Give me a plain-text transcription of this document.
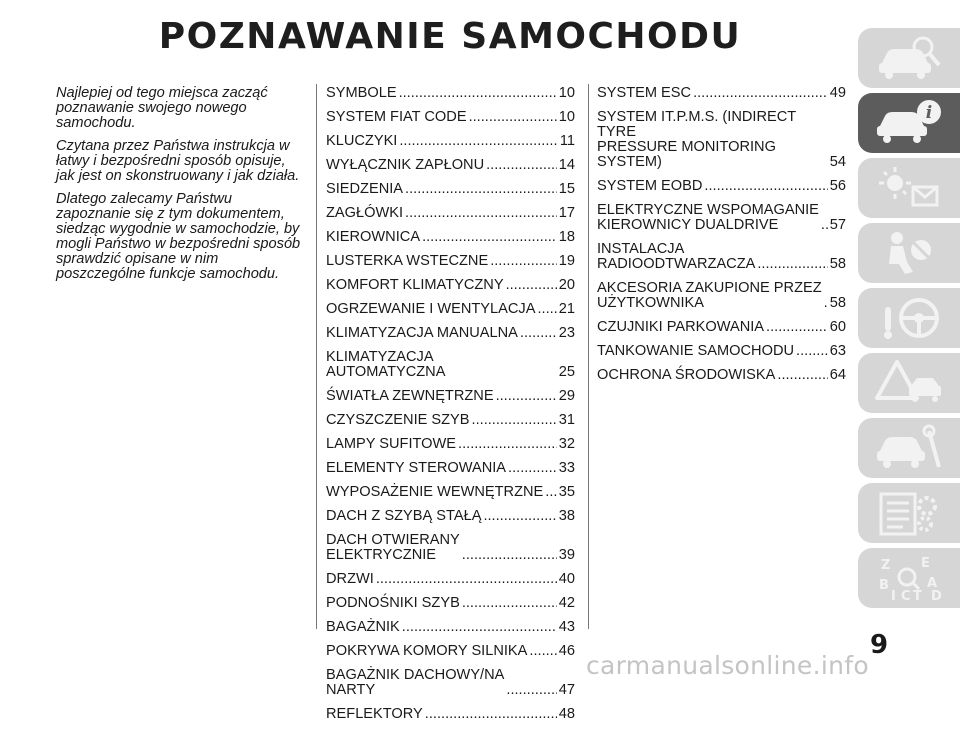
POZNAWANIE SAMOCHODU

Najlepiej od tego miejsca zacząć poznawanie swojego nowego samochodu.

Czytana przez Państwa instrukcja w łatwy i bezpośredni sposób opisuje, jak jest on skonstruowany i jak działa.

Dlatego zalecamy Państwu zapoznanie się z tym dokumentem, siedząc wygodnie w samochodzie, by mogli Państwo w bezpośredni sposób sprawdzić opisane w nim poszczególne funkcje samochodu.

SYMBOLE .....	10
SYSTEM FIAT CODE .....	10
KLUCZYKI .....	11
WYŁĄCZNIK ZAPŁONU .....	14
SIEDZENIA .....	15
ZAGŁÓWKI .....	17
KIEROWNICA .....	18
LUSTERKA WSTECZNE .....	19
KOMFORT KLIMATYCZNY .....	20
OGRZEWANIE I WENTYLACJA ..... 21
KLIMATYZACJA MANUALNA .....	23
KLIMATYZACJA AUTOMATYCZNA	25
ŚWIATŁA ZEWNĘTRZNE .....	29
CZYSZCZENIE SZYB .....	31
LAMPY SUFITOWE .....	32
ELEMENTY STEROWANIA .....	33
WYPOSAŻENIE WEWNĘTRZNE ..... 35
DACH Z SZYBĄ STAŁĄ .....	38
DACH OTWIERANY
ELEKTRYCZNIE .....	39
DRZWI .....	40
PODNOŚNIKI SZYB .....	42
BAGAŻNIK .....	43
POKRYWA KOMORY SILNIKA ..... 46
BAGAŻNIK DACHOWY/NA
NARTY .....	47
REFLEKTORY .....	48
SYSTEM ESC .....	49
SYSTEM IT.P.M.S. (INDIRECT TYRE
PRESSURE MONITORING
SYSTEM)	54
SYSTEM EOBD .....	56
ELEKTRYCZNE WSPOMAGANIE
KIEROWNICY DUALDRIVE .....	57
INSTALACJA
RADIOODTWARZACZA .....	58
AKCESORIA ZAKUPIONE PRZEZ
UŻYTKOWNIKA .....	58
CZUJNIKI PARKOWANIA .....	60
TANKOWANIE SAMOCHODU ..... 63
OCHRONA ŚRODOWISKA .....	64
i
Z E
B	A
I C T D
9
carmanualsonline.info
